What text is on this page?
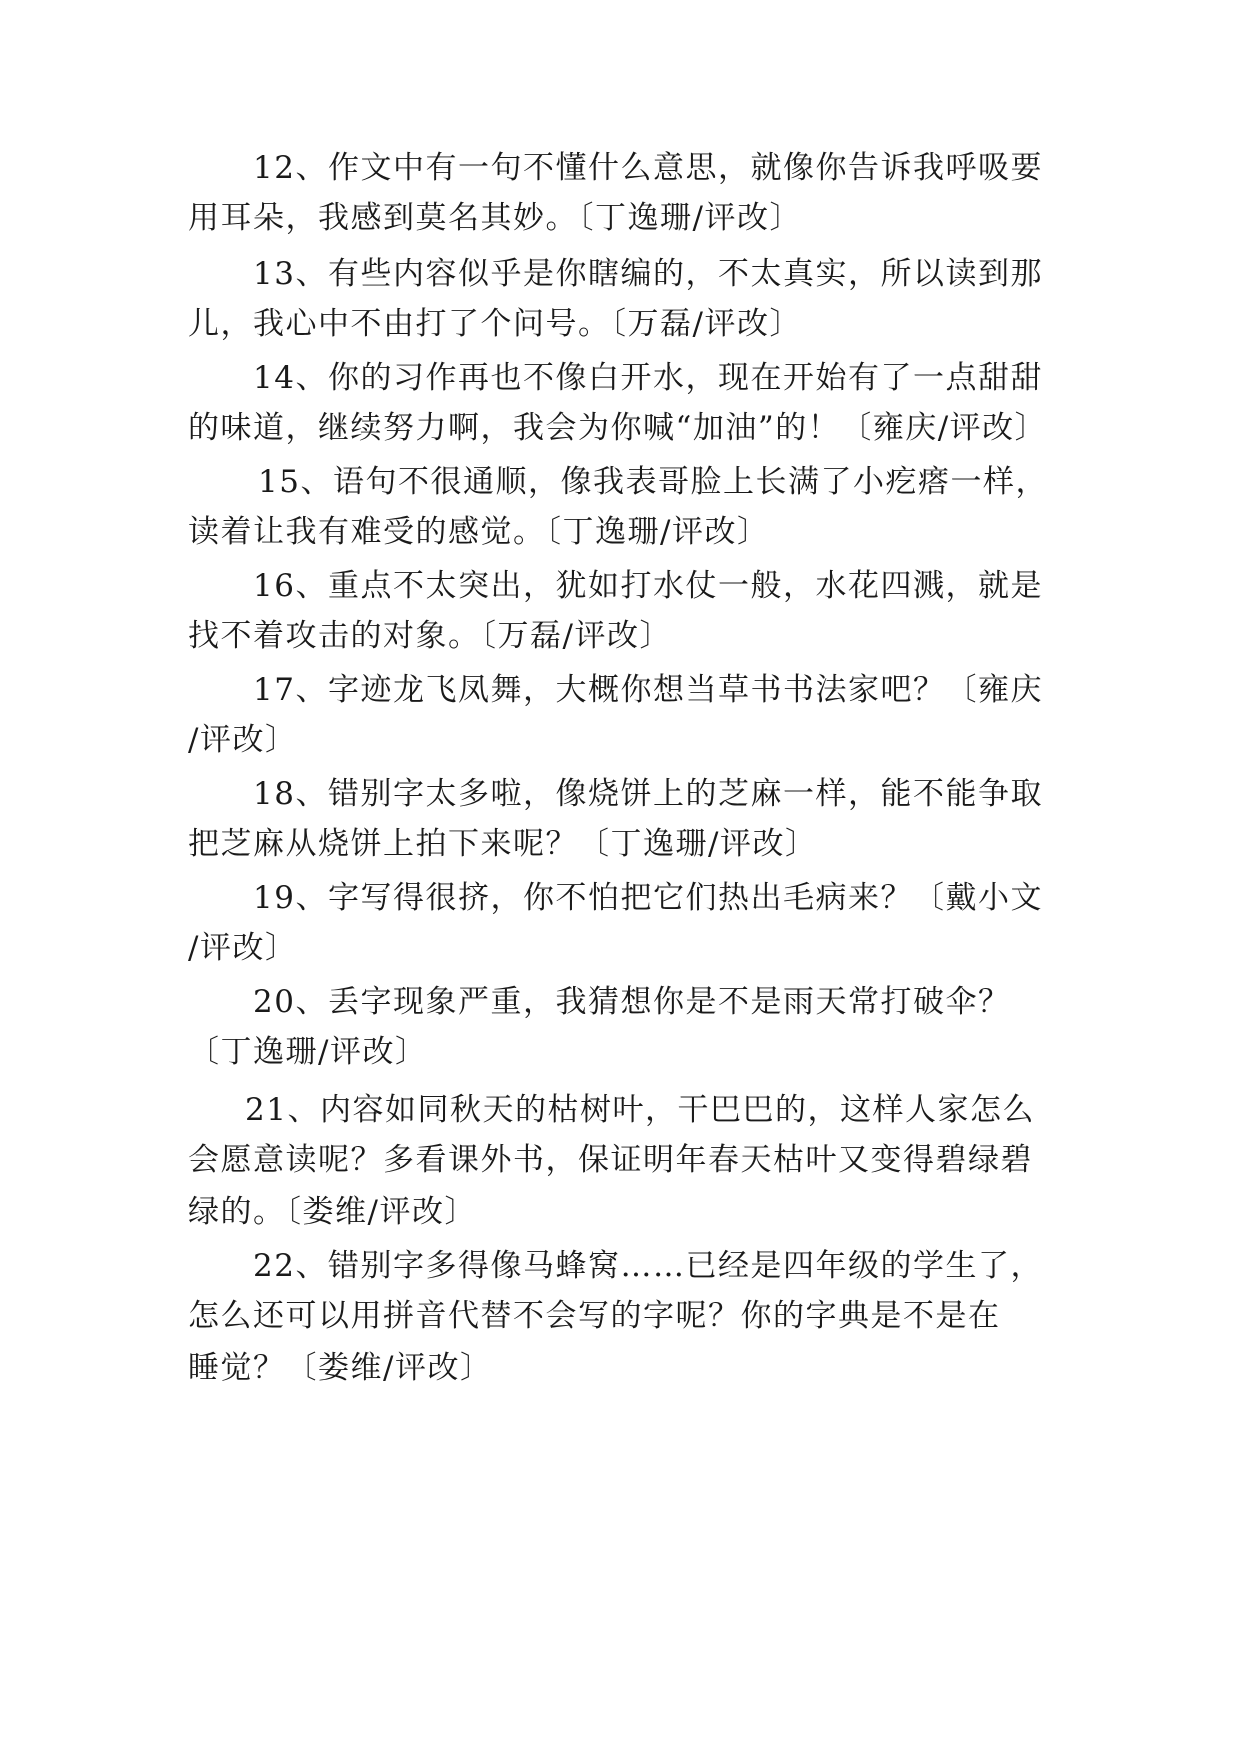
12、作文中有一句不懂什么意思，就像你告诉我呼吸要
用耳朵，我感到莫名其妙。〔丁逸珊/评改〕
13、有些内容似乎是你瞎编的，不太真实，所以读到那
儿，我心中不由打了个问号。〔万磊/评改〕
14、你的习作再也不像白开水，现在开始有了一点甜甜
的味道，继续努力啊，我会为你喊“加油”的！〔雍庆/评改〕
15、语句不很通顺，像我表哥脸上长满了小疙瘩一样，
读着让我有难受的感觉。〔丁逸珊/评改〕
16、重点不太突出，犹如打水仗一般，水花四溅，就是
找不着攻击的对象。〔万磊/评改〕
17、字迹龙飞凤舞，大概你想当草书书法家吧？〔雍庆
/评改〕
18、错别字太多啦，像烧饼上的芝麻一样，能不能争取
把芝麻从烧饼上拍下来呢？〔丁逸珊/评改〕
19、字写得很挤，你不怕把它们热出毛病来？〔戴小文
/评改〕
20、丢字现象严重，我猜想你是不是雨天常打破伞？
〔丁逸珊/评改〕
21、内容如同秋天的枯树叶，干巴巴的，这样人家怎么
会愿意读呢？多看课外书，保证明年春天枯叶又变得碧绿碧
绿的。〔娄维/评改〕
22、错别字多得像马蜂窝……已经是四年级的学生了，
怎么还可以用拼音代替不会写的字呢？你的字典是不是在
睡觉？〔娄维/评改〕
